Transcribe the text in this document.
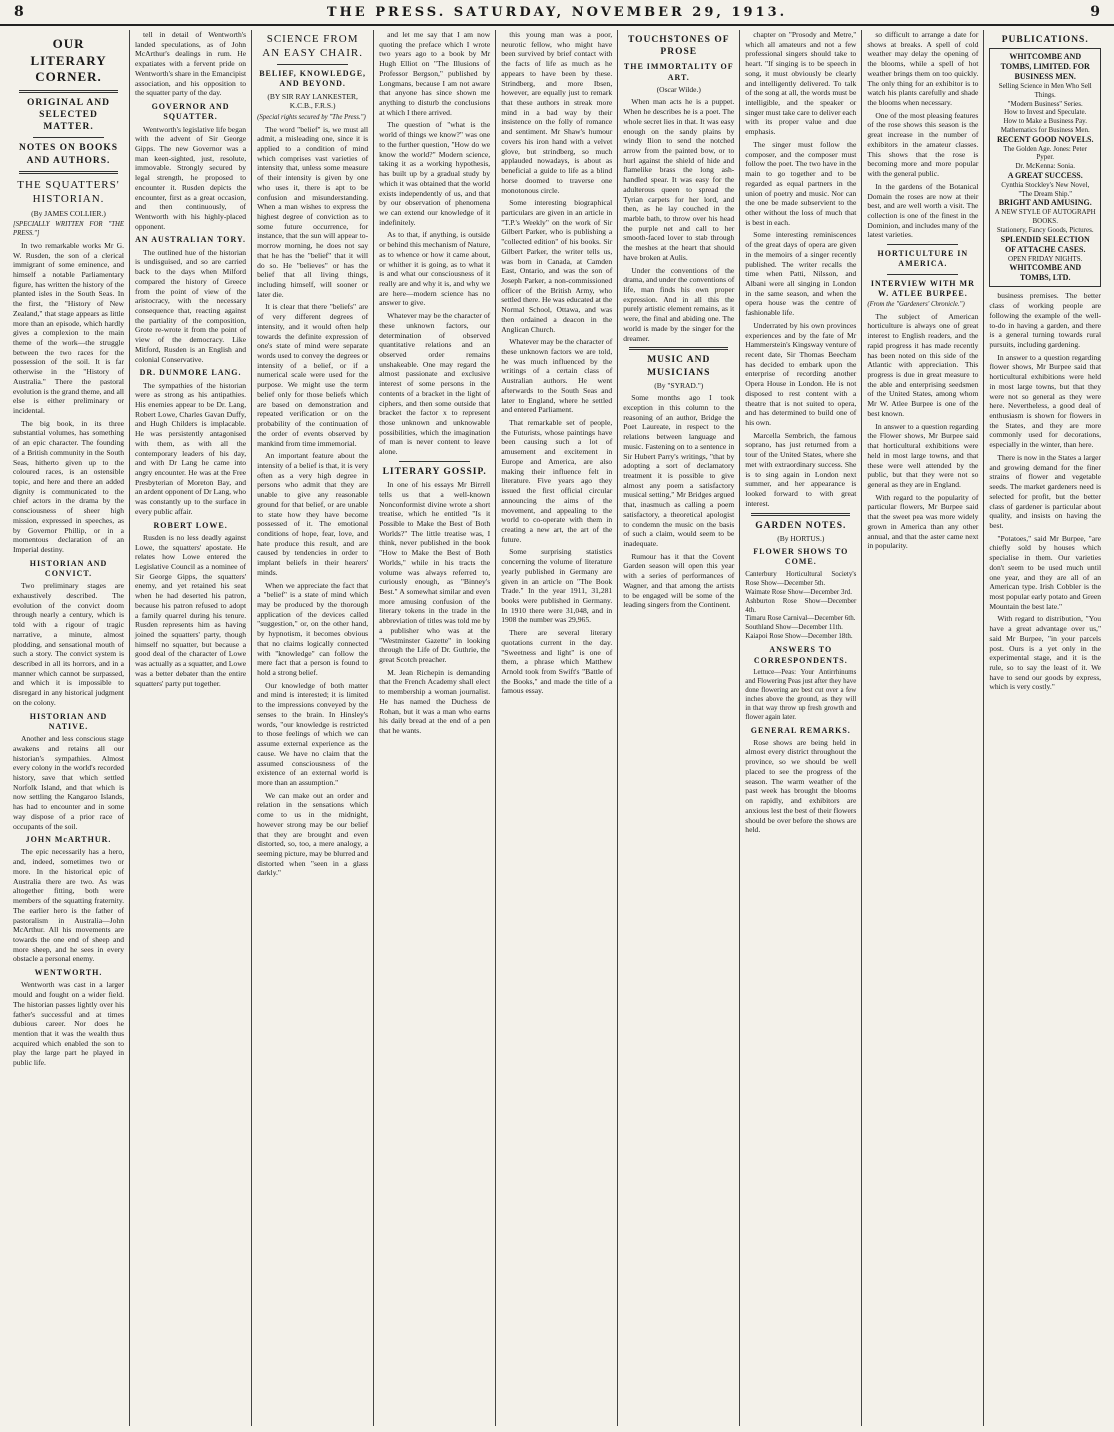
8	THE PRESS. SATURDAY, NOVEMBER 29, 1913.	9
OUR LITERARY CORNER.
ORIGINAL AND SELECTED MATTER.
NOTES ON BOOKS AND AUTHORS.
THE SQUATTERS' HISTORIAN.
(By JAMES COLLIER.)
[SPECIALLY WRITTEN FOR "THE PRESS."]

In two remarkable works Mr G. W. Rusden, the son of a clerical immigrant of some eminence, and himself a notable Parliamentary figure, has written the history of the planted isles in the South Seas. In the first, the "History of New Zealand," that stage appears as little more than an episode, which hardly gives a complexion to the main theme of the work—the struggle between the two races for the possession of the soil. It is far otherwise in the "History of Australia." There the pastoral evolution is the grand theme, and all else is either preliminary or incidental.

The big book, in its three substantial volumes, has something of an epic character. The founding of a British community in the South Seas, hitherto given up to the coloured races, is an ostensible topic, and here and there an added dignity is communicated to the chief actors in the drama by the consciousness of sheer high mission, expressed in speeches, as by Governor Phillip, or in a momentous declaration of an Imperial destiny.

HISTORIAN AND CONVICT.

Two preliminary stages are exhaustively described. The evolution of the convict doom through nearly a century, which is told with a rigour of tragic narrative, a minute, almost plodding, and sensational mouth of such a story. The convict system is described in all its horrors, and in a manner which cannot be surpassed, and which it is impossible to disregard in any historical judgment on the colony.

HISTORIAN AND NATIVE.

Another and less conscious stage awakens and retains all our historian's sympathies. Almost every colony in the world's recorded history, save that which settled Norfolk Island, and that which is now settling the Kangaroo Islands, has had to encounter and in some way dispose of a prior race of occupants of the soil.

JOHN McARTHUR.

The epic necessarily has a hero, and, indeed, sometimes two or more. In the historical epic of Australia there are two. As was altogether fitting, both were members of the squatting fraternity. The earlier hero is the father of pastoralism in Australia—John McArthur. All his movements are towards the one end of sheep and more sheep, and he sees in every obstacle a personal enemy.

WENTWORTH.

Wentworth was cast in a larger mould and fought on a wider field. The historian passes lightly over his father's successful and at times dubious career. Nor does he mention that it was the wealth thus acquired which enabled the son to play the large part he played in public life.

tell in detail of Wentworth's landed speculations, as of John McArthur's dealings in rum. He expatiates with a fervent pride on Wentworth's share in the Emancipist association, and his opposition to the squatter party of the day.

GOVERNOR AND SQUATTER.

Wentworth's legislative life began with the advent of Sir George Gipps. The new Governor was a man keen-sighted, just, resolute, immovable. Strongly secured by legal strength, he proposed to encounter it. Rusden depicts the encounter, first as a great occasion, and then continuously, of Wentworth with his highly-placed opponent.

AN AUSTRALIAN TORY.

The outlined hue of the historian is undisguised, and so are carried back to the days when Milford compared the history of Greece from the point of view of the aristocracy, with the necessary consequence that, reacting against the partiality of the composition, Grote re-wrote it from the point of view of the democracy. Like Mitford, Rusden is an English and colonial Conservative.

DR. DUNMORE LANG.

The sympathies of the historian were as strong as his antipathies. His enemies appear to be Dr. Lang, Robert Lowe, Charles Gavan Duffy, and Hugh Childers is implacable. He was persistently antagonised with them, as with all the contemporary leaders of his day, and with Dr Lang he came into angry encounter. He was at the Free Presbyterian of Moreton Bay, and an ardent opponent of Dr Lang, who was constantly up to the surface in every public affair.

ROBERT LOWE.

Rusden is no less deadly against Lowe, the squatters' apostate. He relates how Lowe entered the Legislative Council as a nominee of Sir George Gipps, the squatters' enemy, and yet retained his seat when he had deserted his patron, because his patron refused to adopt a family quarrel during his tenure. Rusden represents him as having joined the squatters' party, though himself no squatter, but because a good deal of the character of Lowe was actually as a squatter, and Lowe was a better debater than the entire squatters' party put together.

SCIENCE FROM AN EASY CHAIR.
BELIEF, KNOWLEDGE, AND BEYOND.
(BY SIR RAY LANKESTER, K.C.B., F.R.S.)
(Special rights secured by "The Press.")

The word "belief" is, we must all admit, a misleading one, since it is applied to a condition of mind which comprises vast varieties of intensity that, unless some measure of their intensity is given by one who uses it, there is apt to be confusion and misunderstanding. When a man wishes to express the highest degree of conviction as to some future occurrence, for instance, that the sun will appear to-morrow morning, he does not say that he has the "belief" that it will do so. He "believes" or has the belief that all living things, including himself, will sooner or later die.

It is clear that there "beliefs" are of very different degrees of intensity, and it would often help towards the definite expression of one's state of mind were separate words used to convey the degrees or intensity of a belief, or if a numerical scale were used for the purpose. We might use the term belief only for those beliefs which are based on demonstration and repeated verification or on the probability of the continuation of the order of events observed by mankind from time immemorial.

An important feature about the intensity of a belief is that, it is very often as a very high degree in persons who admit that they are unable to give any reasonable ground for that belief, or are unable to state how they have become possessed of it. The emotional conditions of hope, fear, love, and hate produce this result, and are caused by tendencies in order to implant beliefs in their hearers' minds.

When we appreciate the fact that a "belief" is a state of mind which may be produced by the thorough application of the devices called "suggestion," or, on the other hand, by hypnotism, it becomes obvious that no claims logically connected with "knowledge" can follow the mere fact that a person is found to hold a strong belief.

Our knowledge of both matter and mind is interested; it is limited to the impressions conveyed by the senses to the brain. In Hinsley's words, "our knowledge is restricted to those feelings of which we can assume external experience as the cause. We have no claim that the assumed consciousness of the existence of an external world is more than an assumption."

We can make out an order and relation in the sensations which come to us in the midnight, however strong may be our belief that they are brought and even distorted, so, too, a mere analogy, a seeming picture, may be blurred and distorted when "seen in a glass darkly."

and let me say that I am now quoting the preface which I wrote two years ago to a book by Mr Hugh Elliot on "The Illusions of Professor Bergson," published by Longmans, because I am not aware that anyone has since shown me anything to disturb the conclusions at which I there arrived.

The question of "what is the world of things we know?" was one to the further question, "How do we know the world?" Modern science, taking it as a working hypothesis, has built up by a gradual study by which it was obtained that the world exists independently of us, and that by our observation of phenomena we can extend our knowledge of it indefinitely.

As to that, if anything, is outside or behind this mechanism of Nature, as to whence or how it came about, or whither it is going, as to what it is and what our consciousness of it really are and why it is, and why we are here—modern science has no answer to give.

Whatever may be the character of these unknown factors, our determination of observed quantitative relations and an observed order remains unshakeable. One may regard the almost passionate and exclusive interest of some persons in the contents of a bracket in the light of ciphers, and then some outside that bracket the factor x to represent those unknown and unknowable possibilities, which the imagination of man is never content to leave alone.

LITERARY GOSSIP.

In one of his essays Mr Birrell tells us that a well-known Nonconformist divine wrote a short treatise, which he entitled "Is it Possible to Make the Best of Both Worlds?" The little treatise was, I think, never published in the book "How to Make the Best of Both Worlds," while in his tracts the volume was always referred to, curiously enough, as "Binney's Best." A somewhat similar and even more amusing confusion of the literary tokens in the trade in the abbreviation of titles was told me by a publisher who was at the "Westminster Gazette" in looking through the Life of Dr. Guthrie, the great Scotch preacher.

M. Jean Richepin is demanding that the French Academy shall elect to membership a woman journalist. He has named the Duchess de Rohan, but it was a man who earns his daily bread at the end of a pen that he wants.

this young man was a poor, neurotic fellow, who might have been survived by brief contact with the facts of life as much as he appears to have been by these. Strindberg, and more Ibsen, however, are equally just to remark that these authors in streak more mind in a bad way by their insistence on the folly of romance and sentiment. Mr Shaw's humour covers his iron hand with a velvet glove, but strindberg, so much applauded nowadays, is about as beneficial a guide to life as a blind horse doomed to traverse one monotonous circle.

Some interesting biographical particulars are given in an article in "T.P.'s Weekly" on the work of Sir Gilbert Parker, who is publishing a "collected edition" of his books. Sir Gilbert Parker, the writer tells us, was born in Canada, at Camden East, Ontario, and was the son of Joseph Parker, a non-commissioned officer of the British Army, who settled there. He was educated at the Normal School, Ottawa, and was then ordained a deacon in the Anglican Church.

Whatever may be the character of these unknown factors we are told, he was much influenced by the writings of a certain class of Australian authors. He went afterwards to the South Seas and later to England, where he settled and entered Parliament.

That remarkable set of people, the Futurists, whose paintings have been causing such a lot of amusement and excitement in Europe and America, are also making their influence felt in literature. Five years ago they issued the first official circular announcing the aims of the movement, and appealing to the world to co-operate with them in creating a new art, the art of the future.

Some surprising statistics concerning the volume of literature yearly published in Germany are given in an article on "The Book Trade." In the year 1911, 31,281 books were published in Germany. In 1910 there were 31,048, and in 1908 the number was 29,965.

There are several literary quotations current in the day. "Sweetness and light" is one of them, a phrase which Matthew Arnold took from Swift's "Battle of the Books," and made the title of a famous essay.

TOUCHSTONES OF PROSE
THE IMMORTALITY OF ART.
(Oscar Wilde.)

When man acts he is a puppet. When he describes he is a poet. The whole secret lies in that. It was easy enough on the sandy plains by windy Ilion to send the notched arrow from the painted bow, or to hurl against the shield of hide and flamelike brass the long ash-handled spear. It was easy for the adulterous queen to spread the Tyrian carpets for her lord, and then, as he lay couched in the marble bath, to throw over his head the purple net and call to her smooth-faced lover to stab through the meshes at the heart that should have broken at Aulis.

Under the conventions of the drama, and under the conventions of life, man finds his own proper expression. And in all this the purely artistic element remains, as it were, the final and abiding one. The world is made by the singer for the dreamer.

MUSIC AND MUSICIANS
(By "SYRAD.")

Some months ago I took exception in this column to the reasoning of an author, Bridge the Poet Laureate, in respect to the relations between language and music. Fastening on to a sentence in Sir Hubert Parry's writings, "that by adopting a sort of declamatory treatment it is possible to give almost any poem a satisfactory musical setting," Mr Bridges argued that, inasmuch as calling a poem satisfactory, a theoretical apologist to condemn the music on the basis of such a claim, would seem to be inadequate.

Rumour has it that the Covent Garden season will open this year with a series of performances of Wagner, and that among the artists to be engaged will be some of the leading singers from the Continent.

chapter on "Prosody and Metre," which all amateurs and not a few professional singers should take to heart. "If singing is to be speech in song, it must obviously be clearly and intelligently delivered. To talk of the song at all, the words must be intelligible, and the speaker or singer must take care to deliver each with its proper value and due emphasis.

The singer must follow the composer, and the composer must follow the poet. The two have in the main to go together and to be regarded as equal partners in the union of poetry and music. Nor can the one be made subservient to the other without the loss of much that is best in each.

Some interesting reminiscences of the great days of opera are given in the memoirs of a singer recently published. The writer recalls the time when Patti, Nilsson, and Albani were all singing in London in the same season, and when the opera house was the centre of fashionable life.

Underrated by his own provinces experiences and by the fate of Mr Hammerstein's Kingsway venture of recent date, Sir Thomas Beecham has decided to embark upon the enterprise of recording another Opera House in London. He is not disposed to rest content with a theatre that is not suited to opera, and has determined to build one of his own.

Marcella Sembrich, the famous soprano, has just returned from a tour of the United States, where she met with extraordinary success. She is to sing again in London next summer, and her appearance is looked forward to with great interest.

GARDEN NOTES.
(By HORTUS.)
FLOWER SHOWS TO COME.
Canterbury Horticultural Society's Rose Show—December 5th.
Waimate Rose Show—December 3rd.
Ashburton Rose Show—December 4th.
Timaru Rose Carnival—December 6th.
Southland Show—December 11th.
Kaiapoi Rose Show—December 18th.
ANSWERS TO CORRESPONDENTS.

Lettuce—Peas: Your Antirrhinums and Flowering Peas just after they have done flowering are best cut over a few inches above the ground, as they will in that way throw up fresh growth and flower again later.

GENERAL REMARKS.

Rose shows are being held in almost every district throughout the province, so we should be well placed to see the progress of the season. The warm weather of the past week has brought the blooms on rapidly, and exhibitors are anxious lest the best of their flowers should be over before the shows are held.

so difficult to arrange a date for shows at breaks. A spell of cold weather may delay the opening of the blooms, while a spell of hot weather brings them on too quickly. The only thing for an exhibitor is to watch his plants carefully and shade the blooms when necessary.

One of the most pleasing features of the rose shows this season is the great increase in the number of exhibitors in the amateur classes. This shows that the rose is becoming more and more popular with the general public.

In the gardens of the Botanical Domain the roses are now at their best, and are well worth a visit. The collection is one of the finest in the Dominion, and includes many of the latest varieties.

HORTICULTURE IN AMERICA.
INTERVIEW WITH MR W. ATLEE BURPEE.
(From the "Gardeners' Chronicle.")

The subject of American horticulture is always one of great interest to English readers, and the rapid progress it has made recently has been noted on this side of the Atlantic with appreciation. This progress is due in great measure to the able and enterprising seedsmen of the United States, among whom Mr W. Atlee Burpee is one of the best known.

In answer to a question regarding the Flower shows, Mr Burpee said that horticultural exhibitions were held in most large towns, and that these were well attended by the public, but that they were not so general as they are in England.

With regard to the popularity of particular flowers, Mr Burpee said that the sweet pea was more widely grown in America than any other annual, and that the aster came next in popularity.

PUBLICATIONS.
WHITCOMBE AND TOMBS, LIMITED. FOR BUSINESS MEN.
Selling Science in Men Who Sell Things.
"Modern Business" Series.
How to Invest and Speculate.
How to Make a Business Pay.
Mathematics for Business Men.
RECENT GOOD NOVELS.
The Golden Age. Jones: Peter Pyper.
Dr. McKenna: Sonia.
A GREAT SUCCESS.
Cynthia Stockley's New Novel, "The Dream Ship."
BRIGHT AND AMUSING.
A NEW STYLE OF AUTOGRAPH BOOKS.
Stationery, Fancy Goods, Pictures.
SPLENDID SELECTION OF ATTACHE CASES.
OPEN FRIDAY NIGHTS.
WHITCOMBE AND TOMBS, LTD.

business premises. The better class of working people are following the example of the well-to-do in having a garden, and there is a general turning towards rural pursuits, including gardening.

In answer to a question regarding flower shows, Mr Burpee said that horticultural exhibitions were held in most large towns, but that they were not so general as they were here. Nevertheless, a good deal of enthusiasm is shown for flowers in the States, and they are more commonly used for decorations, especially in the winter, than here.

There is now in the States a larger and growing demand for the finer strains of flower and vegetable seeds. The market gardeners need is selected for profit, but the better class of gardener is particular about quality, and insists on having the best.

"Potatoes," said Mr Burpee, "are chiefly sold by houses which specialise in them. Our varieties don't seem to be used much until one year, and they are all of an American type. Irish Cobbler is the most popular early potato and Green Mountain the best late."

With regard to distribution, "You have a great advantage over us," said Mr Burpee, "in your parcels post. Ours is a yet only in the experimental stage, and it is the rule, so to say the least of it. We have to send our goods by express, which is very costly."
